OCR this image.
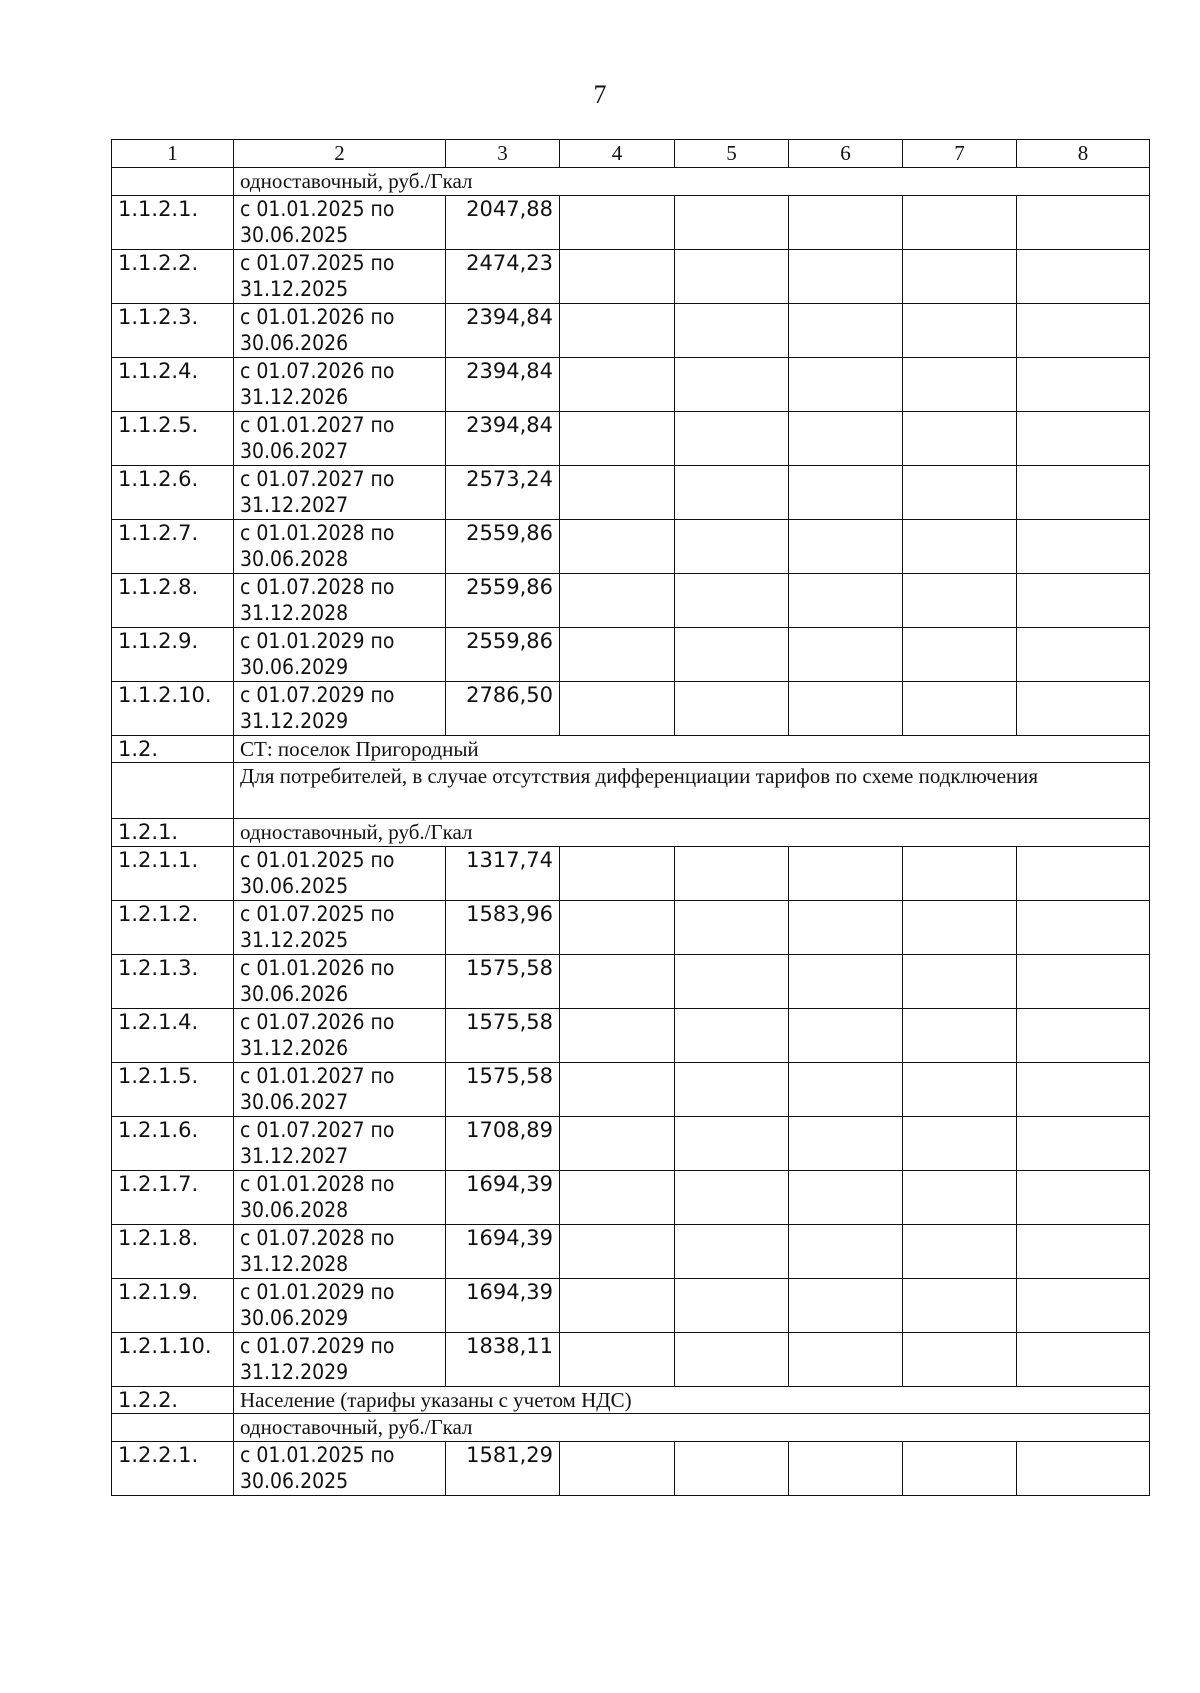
7
1	2	3	4	5	6	7	8
	одноставочный, руб./Гкал						
1.1.2.1.	с 01.01.2025 по 30.06.2025	2047,88					
1.1.2.2.	с 01.07.2025 по 31.12.2025	2474,23					
1.1.2.3.	с 01.01.2026 по 30.06.2026	2394,84					
1.1.2.4.	с 01.07.2026 по 31.12.2026	2394,84					
1.1.2.5.	с 01.01.2027 по 30.06.2027	2394,84					
1.1.2.6.	с 01.07.2027 по 31.12.2027	2573,24					
1.1.2.7.	с 01.01.2028 по 30.06.2028	2559,86					
1.1.2.8.	с 01.07.2028 по 31.12.2028	2559,86					
1.1.2.9.	с 01.01.2029 по 30.06.2029	2559,86					
1.1.2.10.	с 01.07.2029 по 31.12.2029	2786,50					
1.2.	СТ: поселок Пригородный						
	Для потребителей, в случае отсутствия дифференциации тарифов по схеме подключения						
1.2.1.	одноставочный, руб./Гкал						
1.2.1.1.	с 01.01.2025 по 30.06.2025	1317,74					
1.2.1.2.	с 01.07.2025 по 31.12.2025	1583,96					
1.2.1.3.	с 01.01.2026 по 30.06.2026	1575,58					
1.2.1.4.	с 01.07.2026 по 31.12.2026	1575,58					
1.2.1.5.	с 01.01.2027 по 30.06.2027	1575,58					
1.2.1.6.	с 01.07.2027 по 31.12.2027	1708,89					
1.2.1.7.	с 01.01.2028 по 30.06.2028	1694,39					
1.2.1.8.	с 01.07.2028 по 31.12.2028	1694,39					
1.2.1.9.	с 01.01.2029 по 30.06.2029	1694,39					
1.2.1.10.	с 01.07.2029 по 31.12.2029	1838,11					
1.2.2.	Население (тарифы указаны с учетом НДС)						
	одноставочный, руб./Гкал						
1.2.2.1.	с 01.01.2025 по 30.06.2025	1581,29					
